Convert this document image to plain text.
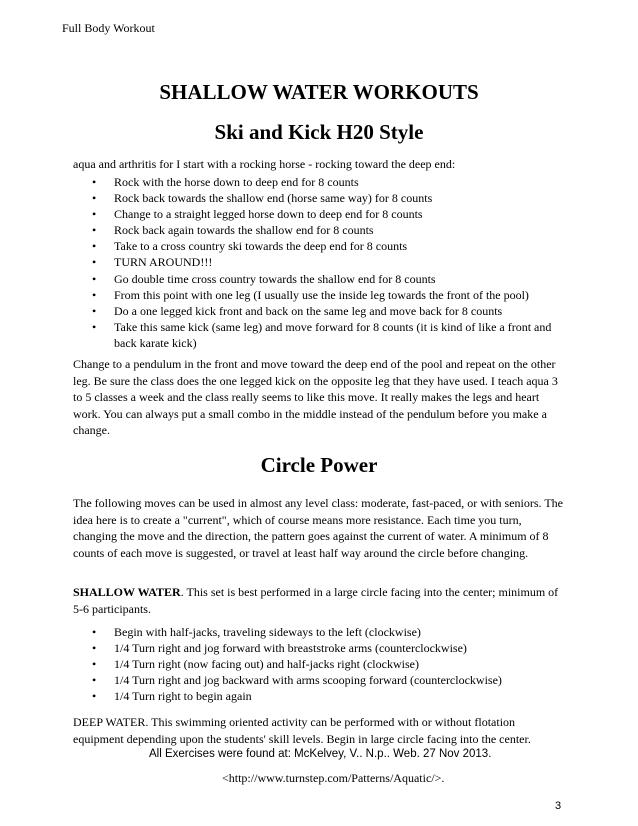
Full Body Workout
SHALLOW WATER WORKOUTS
Ski and Kick H20 Style
aqua and arthritis for I start with a rocking horse - rocking toward the deep end:
• Rock with the horse down to deep end for 8 counts
• Rock back towards the shallow end (horse same way) for 8 counts
• Change to a straight legged horse down to deep end for 8 counts
• Rock back again towards the shallow end for 8 counts
• Take to a cross country ski towards the deep end for 8 counts
• TURN AROUND!!!
• Go double time cross country towards the shallow end for 8 counts
• From this point with one leg (I usually use the inside leg towards the front of the pool)
• Do a one legged kick front and back on the same leg and move back for 8 counts
• Take this same kick (same leg) and move forward for 8 counts (it is kind of like a front and back karate kick)
Change to a pendulum in the front and move toward the deep end of the pool and repeat on the other leg. Be sure the class does the one legged kick on the opposite leg that they have used. I teach aqua 3 to 5 classes a week and the class really seems to like this move. It really makes the legs and heart work. You can always put a small combo in the middle instead of the pendulum before you make a change.
Circle Power
The following moves can be used in almost any level class: moderate, fast-paced, or with seniors. The idea here is to create a "current", which of course means more resistance. Each time you turn, changing the move and the direction, the pattern goes against the current of water. A minimum of 8 counts of each move is suggested, or travel at least half way around the circle before changing.
SHALLOW WATER. This set is best performed in a large circle facing into the center; minimum of 5-6 participants.
• Begin with half-jacks, traveling sideways to the left (clockwise)
• 1/4 Turn right and jog forward with breaststroke arms (counterclockwise)
• 1/4 Turn right (now facing out) and half-jacks right (clockwise)
• 1/4 Turn right and jog backward with arms scooping forward (counterclockwise)
• 1/4 Turn right to begin again
DEEP WATER. This swimming oriented activity can be performed with or without flotation equipment depending upon the students' skill levels. Begin in large circle facing into the center.
All Exercises were found at: McKelvey, V.. N.p.. Web. 27 Nov 2013.
<http://www.turnstep.com/Patterns/Aquatic/>.
3
